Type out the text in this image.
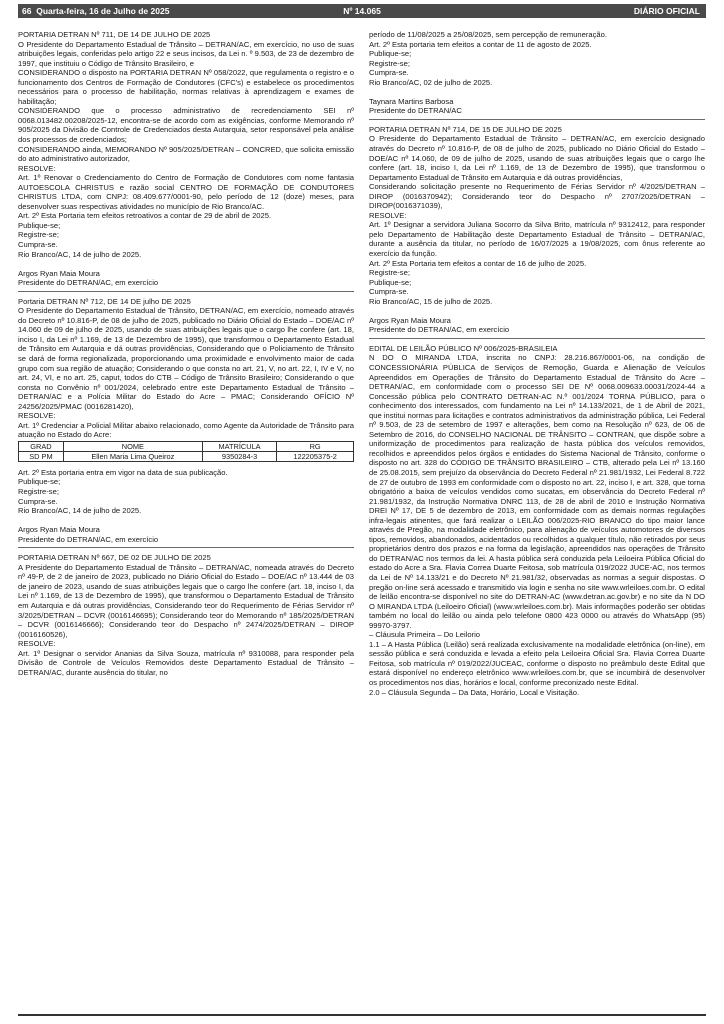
66 Quarta-feira, 16 de Julho de 2025	Nº 14.065	DIÁRIO OFICIAL

PORTARIA DETRAN Nº 711, DE 14 DE JULHO DE 2025

O Presidente do Departamento Estadual de Trânsito – DETRAN/AC, em exercício, no uso de suas atribuições legais, conferidas pelo artigo 22 e seus incisos, da Lei n. º 9.503, de 23 de dezembro de 1997, que instituiu o Código de Trânsito Brasileiro, e

CONSIDERANDO o disposto na PORTARIA DETRAN Nº 058/2022, que regulamenta o registro e o funcionamento dos Centros de Formação de Condutores (CFC's) e estabelece os procedimentos necessários para o processo de habilitação, normas relativas à aprendizagem e exames de habilitação;

CONSIDERANDO que o processo administrativo de recredenciamento SEI nº 0068.013482.00208/2025-12, encontra-se de acordo com as exigências, conforme Memorando nº 905/2025 da Divisão de Controle de Credenciados desta Autarquia, setor responsável pela análise dos processos de credenciados;

CONSIDERANDO ainda, MEMORANDO Nº 905/2025/DETRAN – CONCRED, que solicita emissão do ato administrativo autorizador,

RESOLVE:

Art. 1º Renovar o Credenciamento do Centro de Formação de Condutores com nome fantasia AUTOESCOLA CHRISTUS e razão social CENTRO DE FORMAÇÃO DE CONDUTORES CHRISTUS LTDA, com CNPJ: 08.409.677/0001-90, pelo período de 12 (doze) meses, para desenvolver suas respectivas atividades no município de Rio Branco/AC.

Art. 2º Esta Portaria tem efeitos retroativos a contar de 29 de abril de 2025.

Publique-se;

Registre-se;

Cumpra-se.

Rio Branco/AC, 14 de julho de 2025.

Argos Ryan Maia Moura

Presidente do DETRAN/AC, em exercício

Portaria DETRAN Nº 712, DE 14 DE julho DE 2025

O Presidente do Departamento Estadual de Trânsito, DETRAN/AC, em exercício, nomeado através do Decreto nº 10.816-P, de 08 de julho de 2025, publicado no Diário Oficial do Estado – DOE/AC nº 14.060 de 09 de julho de 2025, usando de suas atribuições legais que o cargo lhe confere (art. 18, inciso I, da Lei nº 1.169, de 13 de Dezembro de 1995), que transformou o Departamento Estadual de Trânsito em Autarquia e dá outras providências, Considerando que o Policiamento de Trânsito se dará de forma regionalizada, proporcionando uma proximidade e envolvimento maior de cada grupo com sua região de atuação; Considerando o que consta no art. 21, V, no art. 22, I, IV e V, no art. 24, VI, e no art. 25, caput, todos do CTB – Código de Trânsito Brasileiro; Considerando o que consta no Convênio nº 001/2024, celebrado entre este Departamento Estadual de Trânsito – DETRAN/AC e a Polícia Militar do Estado do Acre – PMAC; Considerando OFÍCIO Nº 24256/2025/PMAC (0016281420),

RESOLVE:

Art. 1º Credenciar a Policial Militar abaixo relacionado, como Agente da Autoridade de Trânsito para atuação no Estado do Acre:

GRAD	NOME	MATRÍCULA	RG
SD PM	Ellen Maria Lima Queiroz	9350284-3	122205375-2

Art. 2º Esta portaria entra em vigor na data de sua publicação.

Publique-se;

Registre-se;

Cumpra-se.

Rio Branco/AC, 14 de julho de 2025.

Argos Ryan Maia Moura

Presidente do DETRAN/AC, em exercício

PORTARIA DETRAN Nº 667, DE 02 DE JULHO DE 2025

A Presidente do Departamento Estadual de Trânsito – DETRAN/AC, nomeada através do Decreto nº 49-P, de 2 de janeiro de 2023, publicado no Diário Oficial do Estado – DOE/AC nº 13.444 de 03 de janeiro de 2023, usando de suas atribuições legais que o cargo lhe confere (art. 18, inciso I, da Lei nº 1.169, de 13 de Dezembro de 1995), que transformou o Departamento Estadual de Trânsito em Autarquia e dá outras providências, Considerando teor do Requerimento de Férias Servidor nº 3/2025/DETRAN – DCVR (0016146695); Considerando teor do Memorando nº 185/2025/DETRAN – DCVR (0016146666); Considerando teor do Despacho nº 2474/2025/DETRAN – DIROP (0016160526),

RESOLVE:

Art. 1º Designar o servidor Ananias da Silva Souza, matrícula nº 9310088, para responder pela Divisão de Controle de Veículos Removidos deste Departamento Estadual de Trânsito – DETRAN/AC, durante ausência do titular, no

período de 11/08/2025 a 25/08/2025, sem percepção de remuneração.

Art. 2º Esta portaria tem efeitos a contar de 11 de agosto de 2025.

Publique-se;

Registre-se;

Cumpra-se.

Rio Branco/AC, 02 de julho de 2025.

Taynara Martins Barbosa

Presidente do DETRAN/AC

PORTARIA DETRAN Nº 714, DE 15 DE JULHO DE 2025

O Presidente do Departamento Estadual de Trânsito – DETRAN/AC, em exercício designado através do Decreto nº 10.816-P, de 08 de julho de 2025, publicado no Diário Oficial do Estado – DOE/AC nº 14.060, de 09 de julho de 2025, usando de suas atribuições legais que o cargo lhe confere (art. 18, inciso I, da Lei nº 1.169, de 13 de Dezembro de 1995), que transformou o Departamento Estadual de Trânsito em Autarquia e dá outras providências,

Considerando solicitação presente no Requerimento de Férias Servidor nº 4/2025/DETRAN – DIROP (0016370942); Considerando teor do Despacho nº 2707/2025/DETRAN – DIROP(0016371039),

RESOLVE:

Art. 1º Designar a servidora Juliana Socorro da Silva Brito, matrícula nº 9312412, para responder pelo Departamento de Habilitação deste Departamento Estadual de Trânsito – DETRAN/AC, durante a ausência da titular, no período de 16/07/2025 a 19/08/2025, com ônus referente ao exercício da função.

Art. 2º Esta Portaria tem efeitos a contar de 16 de julho de 2025.

Registre-se;

Publique-se;

Cumpra-se.

Rio Branco/AC, 15 de julho de 2025.

Argos Ryan Maia Moura

Presidente do DETRAN/AC, em exercício

EDITAL DE LEILÃO PÚBLICO Nº 006/2025-BRASILEIA

N DO O MIRANDA LTDA, inscrita no CNPJ: 28.216.867/0001-06, na condição de CONCESSIONÁRIA PÚBLICA de Serviços de Remoção, Guarda e Alienação de Veículos Apreendidos em Operações de Trânsito do Departamento Estadual de Trânsito do Acre – DETRAN/AC, em conformidade com o processo SEI DE Nº 0068.009633.00031/2024-44 a Concessão pública pelo CONTRATO DETRAN-AC N.º 001/2024 TORNA PÚBLICO, para o conhecimento dos interessados, com fundamento na Lei nº 14.133/2021, de 1 de Abril de 2021, que institui normas para licitações e contratos administrativos da administração pública, Lei Federal nº 9.503, de 23 de setembro de 1997 e alterações, bem como na Resolução nº 623, de 06 de Setembro de 2016, do CONSELHO NACIONAL DE TRÂNSITO – CONTRAN, que dispõe sobre a uniformização de procedimentos para realização de hasta pública dos veículos removidos, recolhidos e apreendidos pelos órgãos e entidades do Sistema Nacional de Trânsito, conforme o disposto no art. 328 do CÓDIGO DE TRÂNSITO BRASILEIRO – CTB, alterado pela Lei nº 13.160 de 25.08.2015, sem prejuízo da observância do Decreto Federal nº 21.981/1932, Lei Federal 8.722 de 27 de outubro de 1993 em conformidade com o disposto no art. 22, inciso I, e art. 328, que torna obrigatório a baixa de veículos vendidos como sucatas, em observância do Decreto Federal nº 21.981/1932, da Instrução Normativa DNRC 113, de 28 de abril de 2010 e Instrução Normativa DREI Nº 17, DE 5 de dezembro de 2013, em conformidade com as demais normas regulações infra-legais atinentes, que fará realizar o LEILÃO 006/2025-RIO BRANCO do tipo maior lance através de Pregão, na modalidade eletrônico, para alienação de veículos automotores de diversos tipos, removidos, abandonados, acidentados ou recolhidos a qualquer título, não retirados por seus proprietários dentro dos prazos e na forma da legislação, apreendidos nas operações de Trânsito do DETRAN/AC nos termos da lei. A hasta pública será conduzida pela Leiloeira Pública Oficial do estado do Acre a Sra. Flavia Correa Duarte Feitosa, sob matrícula 019/2022 JUCE-AC, nos termos da Lei de Nº 14.133/21 e do Decreto Nº 21.981/32, observadas as normas a seguir dispostas. O pregão on-line será acessado e transmitido via login e senha no site www.wrleiloes.com.br. O edital de leilão encontra-se disponível no site do DETRAN-AC (www.detran.ac.gov.br) e no site da N DO O MIRANDA LTDA (Leiloeiro Oficial) (www.wrleiloes.com.br). Mais informações poderão ser obtidas também no local do leilão ou ainda pelo telefone 0800 423 0000 ou através do WhatsApp (95) 99970-3797.

– Cláusula Primeira – Do Leilorio

1.1 – A Hasta Pública (Leilão) será realizada exclusivamente na modalidade eletrônica (on-line), em sessão pública e será conduzida e levada a efeito pela Leiloeira Oficial Sra. Flavia Correa Duarte Feitosa, sob matrícula nº 019/2022/JUCEAC, conforme o disposto no preâmbulo deste Edital que estará disponível no endereço eletrônico www.wrleiloes.com.br, que se incumbirá de desenvolver os procedimentos nos dias, horários e local, conforme preconizado neste Edital.

2.0 – Cláusula Segunda – Da Data, Horário, Local e Visitação.
